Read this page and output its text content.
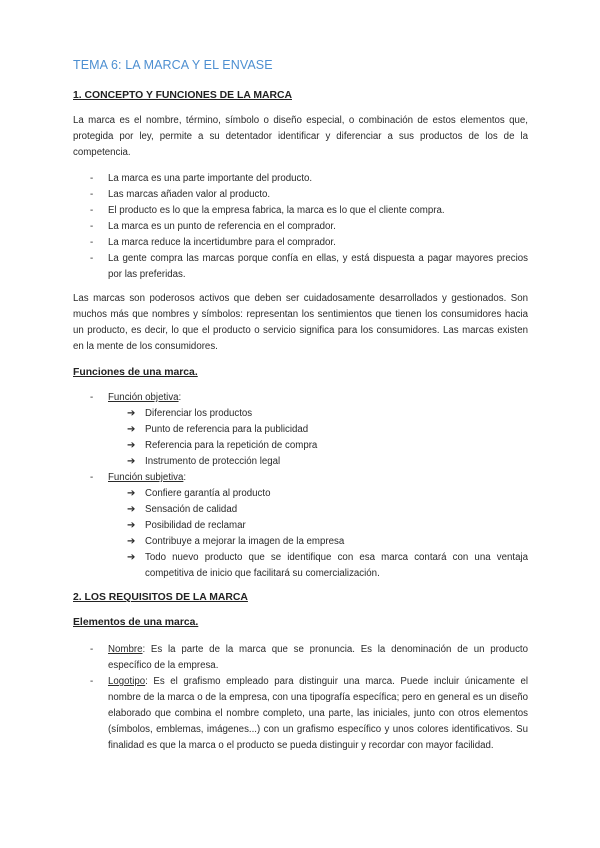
TEMA 6: LA MARCA Y EL ENVASE
1. CONCEPTO Y FUNCIONES DE LA MARCA
La marca es el nombre, término, símbolo o diseño especial, o combinación de estos elementos que, protegida por ley, permite a su detentador identificar y diferenciar a sus productos de los de la competencia.
-	La marca es una parte importante del producto.
-	Las marcas añaden valor al producto.
-	El producto es lo que la empresa fabrica, la marca es lo que el cliente compra.
-	La marca es un punto de referencia en el comprador.
-	La marca reduce la incertidumbre para el comprador.
-	La gente compra las marcas porque confía en ellas, y está dispuesta a pagar mayores precios por las preferidas.
Las marcas son poderosos activos que deben ser cuidadosamente desarrollados y gestionados. Son muchos más que nombres y símbolos: representan los sentimientos que tienen los consumidores hacia un producto, es decir, lo que el producto o servicio significa para los consumidores. Las marcas existen en la mente de los consumidores.
Funciones de una marca.
-	Función objetiva:
➔ Diferenciar los productos
➔ Punto de referencia para la publicidad
➔ Referencia para la repetición de compra
➔ Instrumento de protección legal
-	Función subjetiva:
➔ Confiere garantía al producto
➔ Sensación de calidad
➔ Posibilidad de reclamar
➔ Contribuye a mejorar la imagen de la empresa
➔ Todo nuevo producto que se identifique con esa marca contará con una ventaja competitiva de inicio que facilitará su comercialización.
2. LOS REQUISITOS DE LA MARCA
Elementos de una marca.
-	Nombre: Es la parte de la marca que se pronuncia. Es la denominación de un producto específico de la empresa.
-	Logotipo: Es el grafismo empleado para distinguir una marca. Puede incluir únicamente el nombre de la marca o de la empresa, con una tipografía específica; pero en general es un diseño elaborado que combina el nombre completo, una parte, las iniciales, junto con otros elementos (símbolos, emblemas, imágenes...) con un grafismo específico y unos colores identificativos. Su finalidad es que la marca o el producto se pueda distinguir y recordar con mayor facilidad.
